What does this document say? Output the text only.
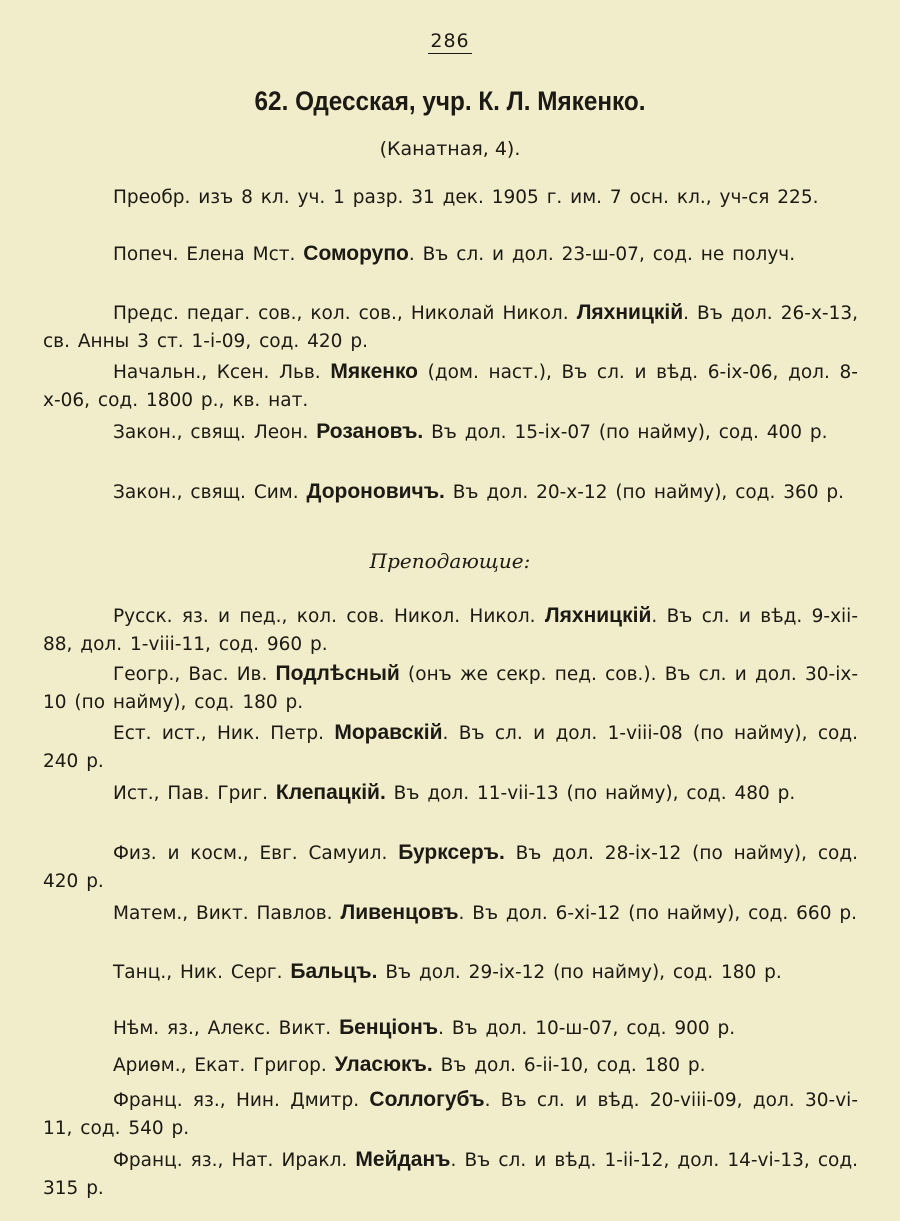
286
62. Одесская, учр. К. Л. Мякенко.
(Канатная, 4).
Преобр. изъ 8 кл. уч. 1 разр. 31 дек. 1905 г. им. 7 осн. кл., уч-ся 225.
Попеч. Елена Мст. Соморупо. Въ сл. и дол. 23-ш-07, сод. не получ.
Предс. педаг. сов., кол. сов., Николай Никол. Ляхницкій. Въ дол. 26-х-13, св. Анны 3 ст. 1-i-09, сод. 420 р.
Начальн., Ксен. Льв. Мякенко (дом. наст.), Въ сл. и вѣд. 6-ix-06, дол. 8-х-06, сод. 1800 р., кв. нат.
Закон., свящ. Леон. Розановъ. Въ дол. 15-ix-07 (по найму), сод. 400 р.
Закон., свящ. Сим. Дороновичъ. Въ дол. 20-х-12 (по найму), сод. 360 р.
Преподающие:
Русск. яз. и пед., кол. сов. Никол. Никол. Ляхницкій. Въ сл. и вѣд. 9-xii-88, дол. 1-viii-11, сод. 960 р.
Геогр., Вас. Ив. Подлѣсный (онъ же секр. пед. сов.). Въ сл. и дол. 30-ix-10 (по найму), сод. 180 р.
Ест. ист., Ник. Петр. Моравскій. Въ сл. и дол. 1-viii-08 (по найму), сод. 240 р.
Ист., Пав. Григ. Клепацкій. Въ дол. 11-vii-13 (по найму), сод. 480 р.
Физ. и косм., Евг. Самуил. Бурксеръ. Въ дол. 28-ix-12 (по найму), сод. 420 р.
Матем., Викт. Павлов. Ливенцовъ. Въ дол. 6-xi-12 (по найму), сод. 660 р.
Танц., Ник. Серг. Бальцъ. Въ дол. 29-ix-12 (по найму), сод. 180 р.
Нѣм. яз., Алекс. Викт. Бенціонъ. Въ дол. 10-ш-07, сод. 900 р.
Ариѳм., Екат. Григор. Уласюкъ. Въ дол. 6-ii-10, сод. 180 р.
Франц. яз., Нин. Дмитр. Соллогубъ. Въ сл. и вѣд. 20-viii-09, дол. 30-vi-11, сод. 540 р.
Франц. яз., Нат. Иракл. Мейданъ. Въ сл. и вѣд. 1-ii-12, дол. 14-vi-13, сод. 315 р.
